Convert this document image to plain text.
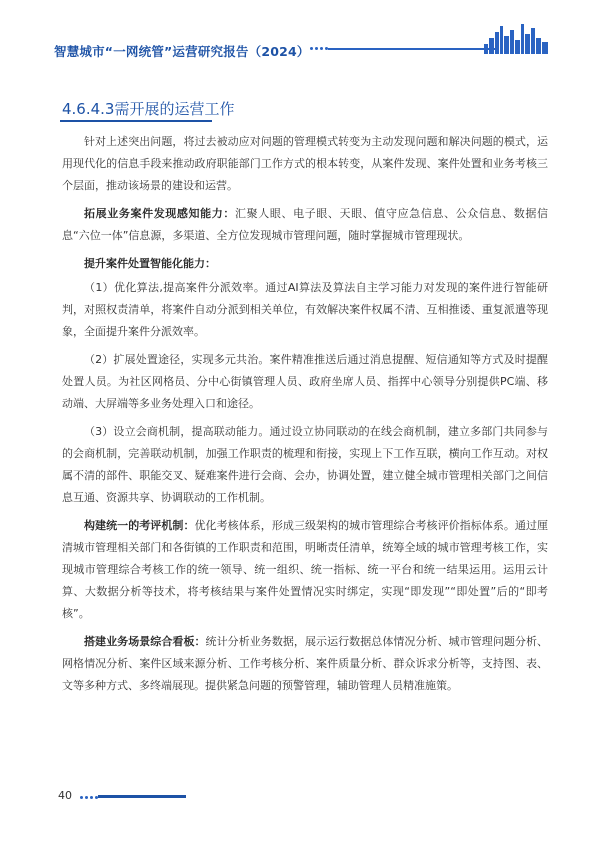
智慧城市“一网统管”运营研究报告（2024）
4.6.4.3需开展的运营工作

针对上述突出问题，将过去被动应对问题的管理模式转变为主动发现问题和解决问题的模式，运用现代化的信息手段来推动政府职能部门工作方式的根本转变，从案件发现、案件处置和业务考核三个层面，推动该场景的建设和运营。

拓展业务案件发现感知能力：汇聚人眼、电子眼、天眼、值守应急信息、公众信息、数据信息“六位一体”信息源，多渠道、全方位发现城市管理问题，随时掌握城市管理现状。

提升案件处置智能化能力：

（1）优化算法,提高案件分派效率。通过AI算法及算法自主学习能力对发现的案件进行智能研判，对照权责清单，将案件自动分派到相关单位，有效解决案件权属不清、互相推诿、重复派遣等现象，全面提升案件分派效率。

（2）扩展处置途径，实现多元共治。案件精准推送后通过消息提醒、短信通知等方式及时提醒处置人员。为社区网格员、分中心街镇管理人员、政府坐席人员、指挥中心领导分别提供PC端、移动端、大屏端等多业务处理入口和途径。

（3）设立会商机制，提高联动能力。通过设立协同联动的在线会商机制，建立多部门共同参与的会商机制，完善联动机制，加强工作职责的梳理和衔接，实现上下工作互联，横向工作互动。对权属不清的部件、职能交叉、疑难案件进行会商、会办，协调处置，建立健全城市管理相关部门之间信息互通、资源共享、协调联动的工作机制。

构建统一的考评机制：优化考核体系，形成三级架构的城市管理综合考核评价指标体系。通过厘清城市管理相关部门和各街镇的工作职责和范围，明晰责任清单，统筹全域的城市管理考核工作，实现城市管理综合考核工作的统一领导、统一组织、统一指标、统一平台和统一结果运用。运用云计算、大数据分析等技术，将考核结果与案件处置情况实时绑定，实现“即发现”“即处置”后的“即考核”。

搭建业务场景综合看板：统计分析业务数据，展示运行数据总体情况分析、城市管理问题分析、网格情况分析、案件区域来源分析、工作考核分析、案件质量分析、群众诉求分析等，支持图、表、文等多种方式、多终端展现。提供紧急问题的预警管理，辅助管理人员精准施策。

40
